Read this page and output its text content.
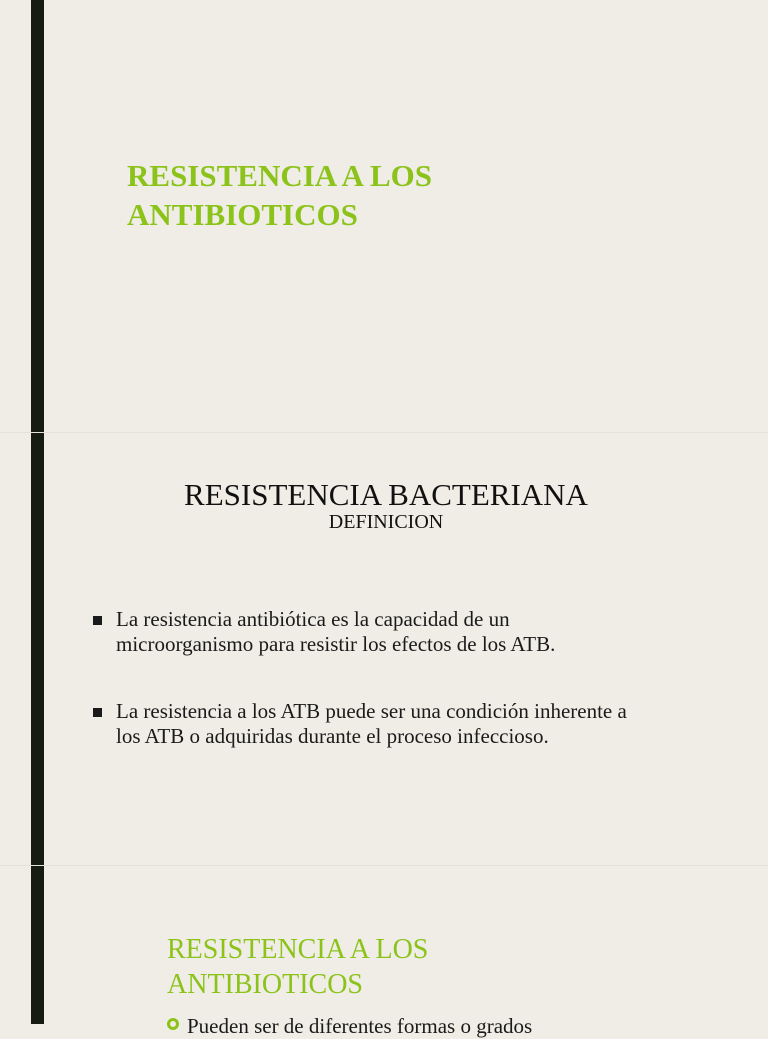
RESISTENCIA A LOS
ANTIBIOTICOS
RESISTENCIA BACTERIANA
DEFINICION
La resistencia antibiótica es la capacidad de un
microorganismo para resistir los efectos de los ATB.
La resistencia a los ATB puede ser una condición inherente a
los ATB o adquiridas durante el proceso infeccioso.
RESISTENCIA A LOS
ANTIBIOTICOS
Pueden ser de diferentes formas o grados
